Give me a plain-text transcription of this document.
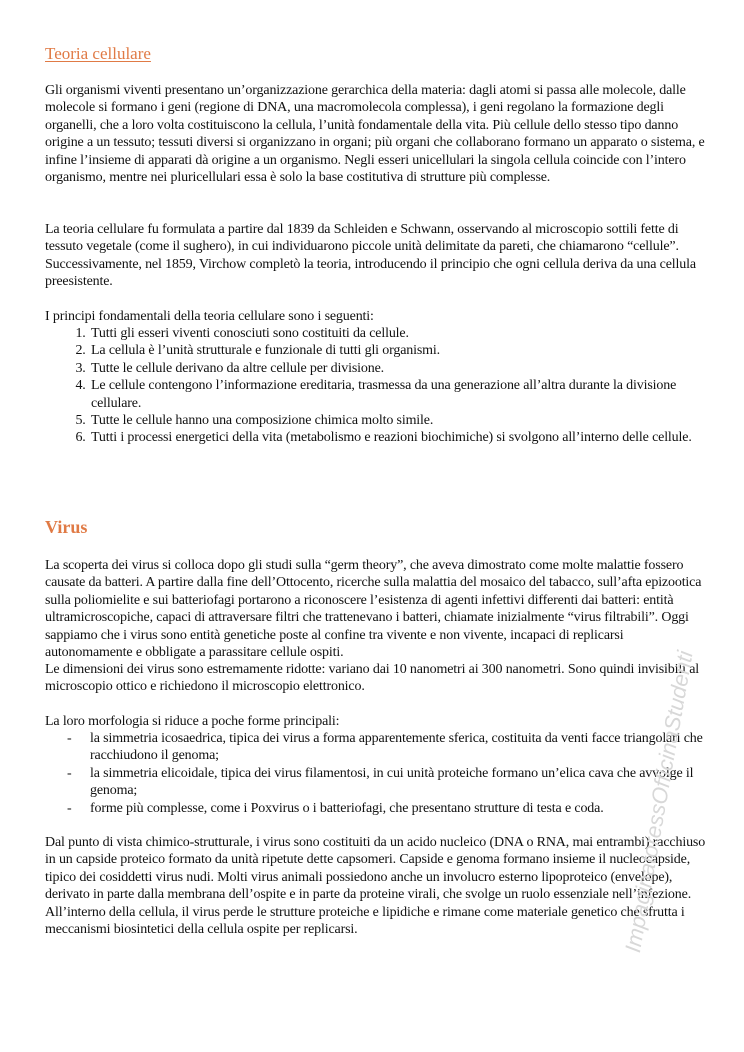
Teoria cellulare

Gli organismi viventi presentano un’organizzazione gerarchica della materia: dagli atomi si passa alle molecole, dalle molecole si formano i geni (regione di DNA, una macromolecola complessa), i geni regolano la formazione degli organelli, che a loro volta costituiscono la cellula, l’unità fondamentale della vita. Più cellule dello stesso tipo danno origine a un tessuto; tessuti diversi si organizzano in organi; più organi che collaborano formano un apparato o sistema, e infine l’insieme di apparati dà origine a un organismo. Negli esseri unicellulari la singola cellula coincide con l’intero organismo, mentre nei pluricellulari essa è solo la base costitutiva di strutture più complesse.

La teoria cellulare fu formulata a partire dal 1839 da Schleiden e Schwann, osservando al microscopio sottili fette di tessuto vegetale (come il sughero), in cui individuarono piccole unità delimitate da pareti, che chiamarono “cellule”. Successivamente, nel 1859, Virchow completò la teoria, introducendo il principio che ogni cellula deriva da una cellula preesistente.

I principi fondamentali della teoria cellulare sono i seguenti:

1. Tutti gli esseri viventi conosciuti sono costituiti da cellule.
2. La cellula è l’unità strutturale e funzionale di tutti gli organismi.
3. Tutte le cellule derivano da altre cellule per divisione.
4. Le cellule contengono l’informazione ereditaria, trasmessa da una generazione all’altra durante la divisione cellulare.
5. Tutte le cellule hanno una composizione chimica molto simile.
6. Tutti i processi energetici della vita (metabolismo e reazioni biochimiche) si svolgono all’interno delle cellule.
Virus

La scoperta dei virus si colloca dopo gli studi sulla “germ theory”, che aveva dimostrato come molte malattie fossero causate da batteri. A partire dalla fine dell’Ottocento, ricerche sulla malattia del mosaico del tabacco, sull’afta epizootica sulla poliomielite e sui batteriofagi portarono a riconoscere l’esistenza di agenti infettivi differenti dai batteri: entità ultramicroscopiche, capaci di attraversare filtri che trattenevano i batteri, chiamate inizialmente “virus filtrabili”. Oggi sappiamo che i virus sono entità genetiche poste al confine tra vivente e non vivente, incapaci di replicarsi autonomamente e obbligate a parassitare cellule ospiti.

Le dimensioni dei virus sono estremamente ridotte: variano dai 10 nanometri ai 300 nanometri. Sono quindi invisibili al microscopio ottico e richiedono il microscopio elettronico.

La loro morfologia si riduce a poche forme principali:

- la simmetria icosaedrica, tipica dei virus a forma apparentemente sferica, costituita da venti facce triangolari che racchiudono il genoma;
- la simmetria elicoidale, tipica dei virus filamentosi, in cui unità proteiche formano un’elica cava che avvolge il genoma;
- forme più complesse, come i Poxvirus o i batteriofagi, che presentano strutture di testa e coda.

Dal punto di vista chimico-strutturale, i virus sono costituiti da un acido nucleico (DNA o RNA, mai entrambi) racchiuso in un capside proteico formato da unità ripetute dette capsomeri. Capside e genoma formano insieme il nucleocapside, tipico dei cosiddetti virus nudi. Molti virus animali possiedono anche un involucro esterno lipoproteico (envelope), derivato in parte dalla membrana dell’ospite e in parte da proteine virali, che svolge un ruolo essenziale nell’infezione. All’interno della cellula, il virus perde le strutture proteiche e lipidiche e rimane come materiale genetico che sfrutta i meccanismi biosintetici della cellula ospite per replicarsi.	ImpaginatoressOfficinaStudenti
